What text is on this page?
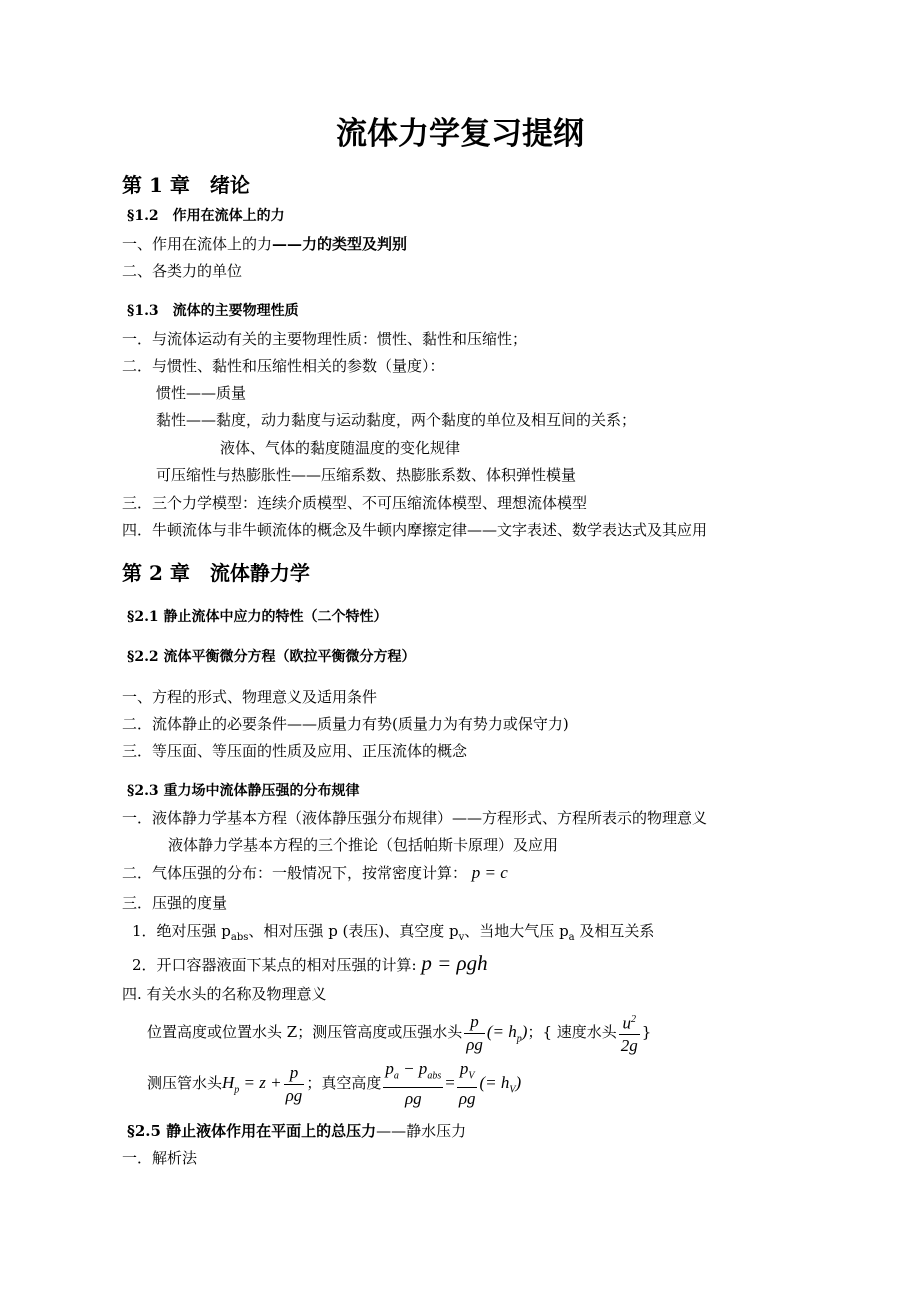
流体力学复习提纲
第 1 章　绪论
§1.2　作用在流体上的力
一、作用在流体上的力——力的类型及判别
二、各类力的单位
§1.3　流体的主要物理性质
一．与流体运动有关的主要物理性质：惯性、黏性和压缩性；
二．与惯性、黏性和压缩性相关的参数（量度）：
惯性——质量
黏性——黏度，动力黏度与运动黏度，两个黏度的单位及相互间的关系；
液体、气体的黏度随温度的变化规律
可压缩性与热膨胀性——压缩系数、热膨胀系数、体积弹性模量
三．三个力学模型：连续介质模型、不可压缩流体模型、理想流体模型
四．牛顿流体与非牛顿流体的概念及牛顿内摩擦定律——文字表述、数学表达式及其应用
第 2 章　流体静力学
§2.1 静止流体中应力的特性（二个特性）
§2.2 流体平衡微分方程（欧拉平衡微分方程）
一、方程的形式、物理意义及适用条件
二．流体静止的必要条件——质量力有势(质量力为有势力或保守力)
三．等压面、等压面的性质及应用、正压流体的概念
§2.3 重力场中流体静压强的分布规律
一．液体静力学基本方程（液体静压强分布规律）——方程形式、方程所表示的物理意义
液体静力学基本方程的三个推论（包括帕斯卡原理）及应用
二．气体压强的分布：一般情况下，按常密度计算： p = c
三．压强的度量
1．绝对压强 $p_{abs}$、相对压强 p (表压)、真空度 $p_v$、当地大气压 $p_a$ 及相互关系
2．开口容器液面下某点的相对压强的计算: p = ρgh
四. 有关水头的名称及物理意义
位置高度或位置水头 Z；测压管高度或压强水头 $\frac{p}{\rho g}$ (= $h_p$)；{ 速度水头 $\frac{u^2}{2g}$ }
测压管水头$H_p = z + \frac{p}{\rho g}$ ；真空高度 $\frac{p_a - p_{abs}}{\rho g} = \frac{p_V}{\rho g}$ (= $h_V$)
§2.5 静止液体作用在平面上的总压力——静水压力
一．解析法
